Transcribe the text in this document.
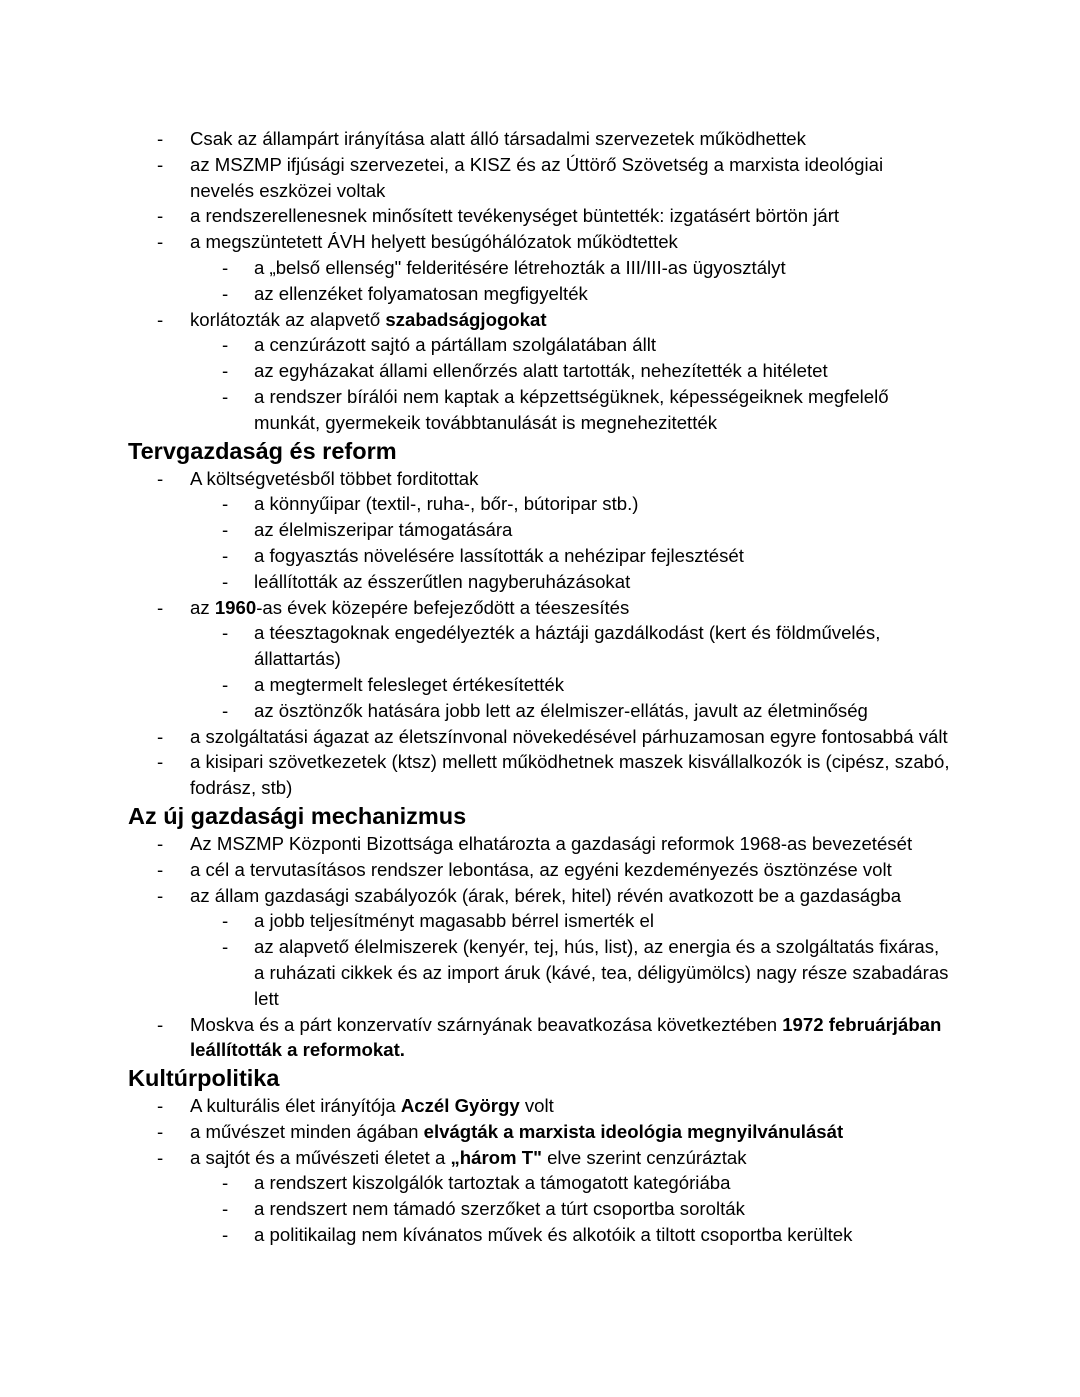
- Csak az állampárt irányítása alatt álló társadalmi szervezetek működhettek
- az MSZMP ifjúsági szervezetei, a KISZ és az Úttörő Szövetség a marxista ideológiai nevelés eszközei voltak
- a rendszerellenesnek minősített tevékenységet büntették: izgatásért börtön járt
- a megszüntetett ÁVH helyett besúgóhálózatok működtettek
- a „belső ellenség" felderitésére létrehozták a III/III-as ügyosztályt
- az ellenzéket folyamatosan megfigyelték
- korlátozták az alapvető szabadságjogokat
- a cenzúrázott sajtó a pártállam szolgálatában állt
- az egyházakat állami ellenőrzés alatt tartották, nehezítették a hitéletet
- a rendszer bírálói nem kaptak a képzettségüknek, képességeiknek megfelelő munkát, gyermekeik továbbtanulását is megnehezitették
Tervgazdaság és reform
- A költségvetésből többet forditottak
- a könnyűipar (textil-, ruha-, bőr-, bútoripar stb.)
- az élelmiszeripar támogatására
- a fogyasztás növelésére lassították a nehézipar fejlesztését
- leállították az ésszerűtlen nagyberuházásokat
- az 1960-as évek közepére befejeződött a téeszesítés
- a téesztagoknak engedélyezték a háztáji gazdálkodást (kert és földművelés, állattartás)
- a megtermelt felesleget értékesítették
- az ösztönzők hatására jobb lett az élelmiszer-ellátás, javult az életminőség
- a szolgáltatási ágazat az életszínvonal növekedésével párhuzamosan egyre fontosabbá vált
- a kisipari szövetkezetek (ktsz) mellett működhetnek maszek kisvállalkozók is (cipész, szabó, fodrász, stb)
Az új gazdasági mechanizmus
- Az MSZMP Központi Bizottsága elhatározta a gazdasági reformok 1968-as bevezetését
- a cél a tervutasításos rendszer lebontása, az egyéni kezdeményezés ösztönzése volt
- az állam gazdasági szabályozók (árak, bérek, hitel) révén avatkozott be a gazdaságba
- a jobb teljesítményt magasabb bérrel ismerték el
- az alapvető élelmiszerek (kenyér, tej, hús, list), az energia és a szolgáltatás fixáras, a ruházati cikkek és az import áruk (kávé, tea, déligyümölcs) nagy része szabadáras lett
- Moskva és a párt konzervatív szárnyának beavatkozása következtében 1972 februárjában leállították a reformokat.
Kultúrpolitika
- A kulturális élet irányítója Aczél György volt
- a művészet minden ágában elvágták a marxista ideológia megnyilvánulását
- a sajtót és a művészeti életet a „három T" elve szerint cenzúráztak
- a rendszert kiszolgálók tartoztak a támogatott kategóriába
- a rendszert nem támadó szerzőket a túrt csoportba sorolták
- a politikailag nem kívánatos művek és alkotóik a tiltott csoportba kerültek
